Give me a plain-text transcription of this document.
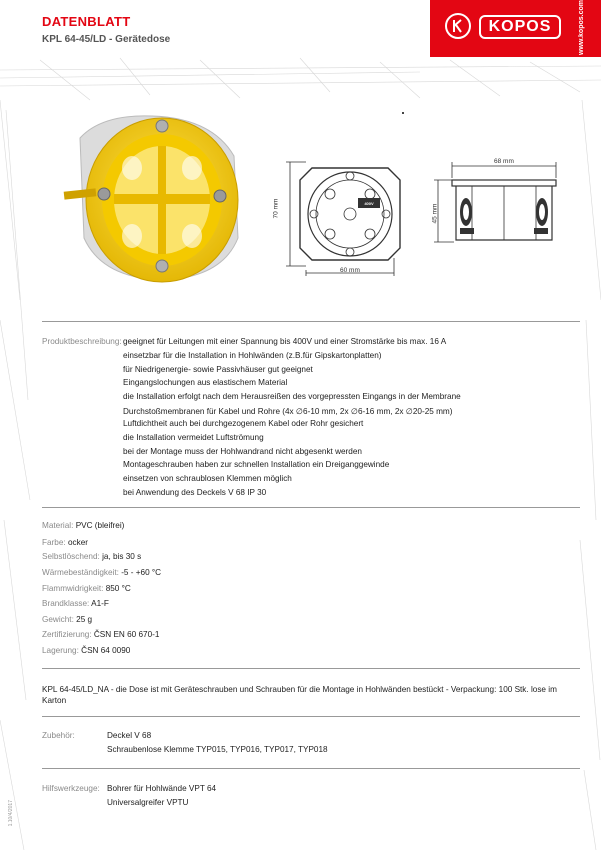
DATENBLATT
KPL 64-45/LD - Gerätedose
KOPOS	www.kopos.com
400V
70 mm
60 mm
68 mm
45 mm
Produktbeschreibung: geeignet für Leitungen mit einer Spannung bis 400V und einer Stromstärke bis max. 16 A
einsetzbar für die Installation in Hohlwänden (z.B.für Gipskartonplatten)
für Niedrigenergie- sowie Passivhäuser gut geeignet
Eingangslochungen aus elastischem Material
die Installation erfolgt nach dem Herausreißen des vorgepressten Eingangs in der Membrane
Durchstoßmembranen für Kabel und Rohre (4x ∅6-10 mm, 2x ∅6-16 mm, 2x ∅20-25 mm)
Luftdichtheit auch bei durchgezogenem Kabel oder Rohr gesichert
die Installation vermeidet Luftströmung
bei der Montage muss der Hohlwandrand nicht abgesenkt werden
Montageschrauben haben zur schnellen Installation ein Dreiganggewinde
einsetzen von schraublosen Klemmen möglich
bei Anwendung des Deckels V 68 IP 30
Material: PVC (bleifrei)
Farbe: ocker
Selbstlöschend: ja, bis 30 s
Wärmebeständigkeit: -5 - +60 °C
Flammwidrigkeit: 850 °C
Brandklasse: A1-F
Gewicht: 25 g
Zertifizierung: ČSN EN 60 670-1
Lagerung: ČSN 64 0090
KPL 64-45/LD_NA - die Dose ist mit Geräteschrauben und Schrauben für die Montage in Hohlwänden bestückt - Verpackung: 100 Stk. lose im Karton
Zubehör:	Deckel V 68
Schraubenlose Klemme TYP015, TYP016, TYP017, TYP018
Hilfswerkzeuge: Bohrer für Hohlwände VPT 64
Universalgreifer VPTU
1.10/4/2017
